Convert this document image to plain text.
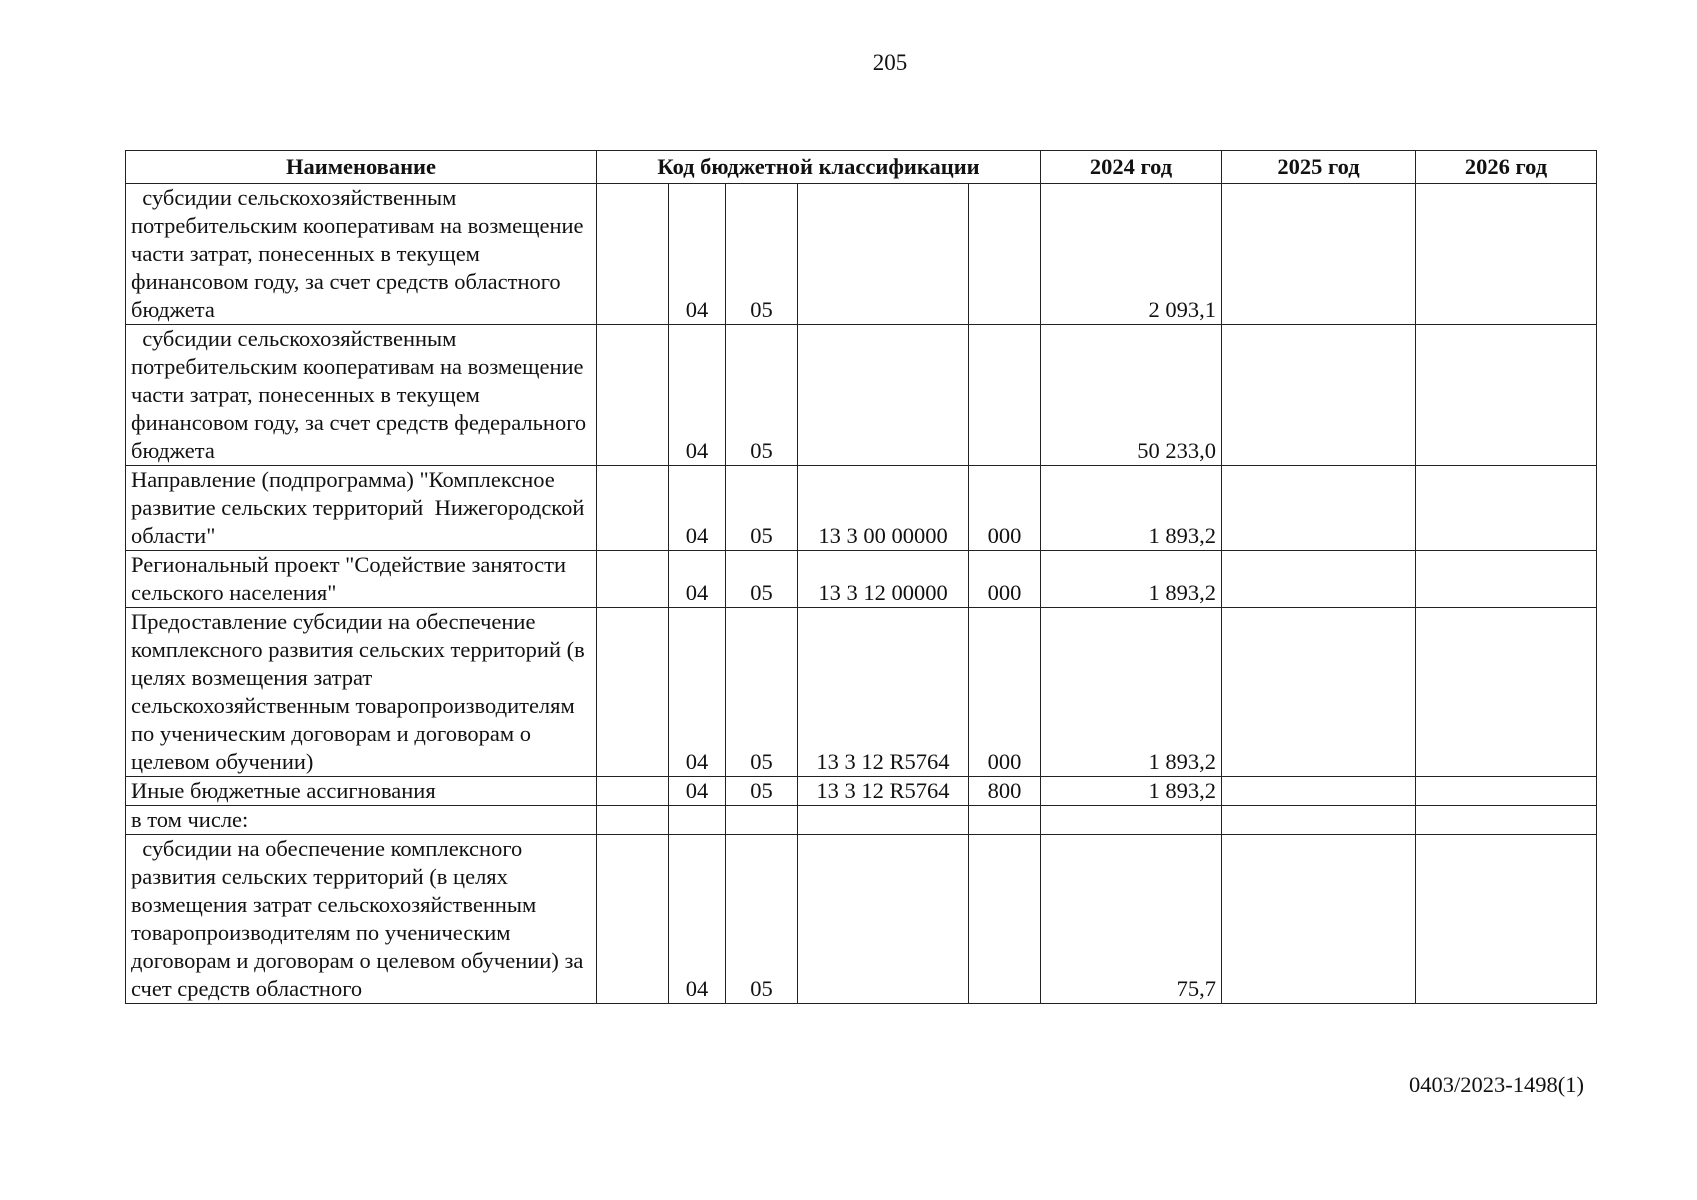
205
Наименование	Код бюджетной классификации					2024 год	2025 год	2026 год
субсидии сельскохозяйственным потребительским кооперативам на возмещение части затрат, понесенных в текущем финансовом году, за счет средств областного бюджета		04	05			2 093,1		
субсидии сельскохозяйственным потребительским кооперативам на возмещение части затрат, понесенных в текущем финансовом году, за счет средств федерального бюджета		04	05			50 233,0		
Направление (подпрограмма) "Комплексное развитие сельских территорий  Нижегородской области"		04	05	13 3 00 00000	000	1 893,2		
Региональный проект "Содействие занятости сельского населения"		04	05	13 3 12 00000	000	1 893,2		
Предоставление субсидии на обеспечение комплексного развития сельских территорий (в целях возмещения затрат сельскохозяйственным товаропроизводителям по ученическим договорам и договорам о целевом обучении)		04	05	13 3 12 R5764	000	1 893,2		
Иные бюджетные ассигнования		04	05	13 3 12 R5764	800	1 893,2		
в том числе:								
субсидии на обеспечение комплексного развития сельских территорий (в целях возмещения затрат сельскохозяйственным товаропроизводителям по ученическим договорам и договорам о целевом обучении) за счет средств областного		04	05			75,7		
0403/2023-1498(1)
